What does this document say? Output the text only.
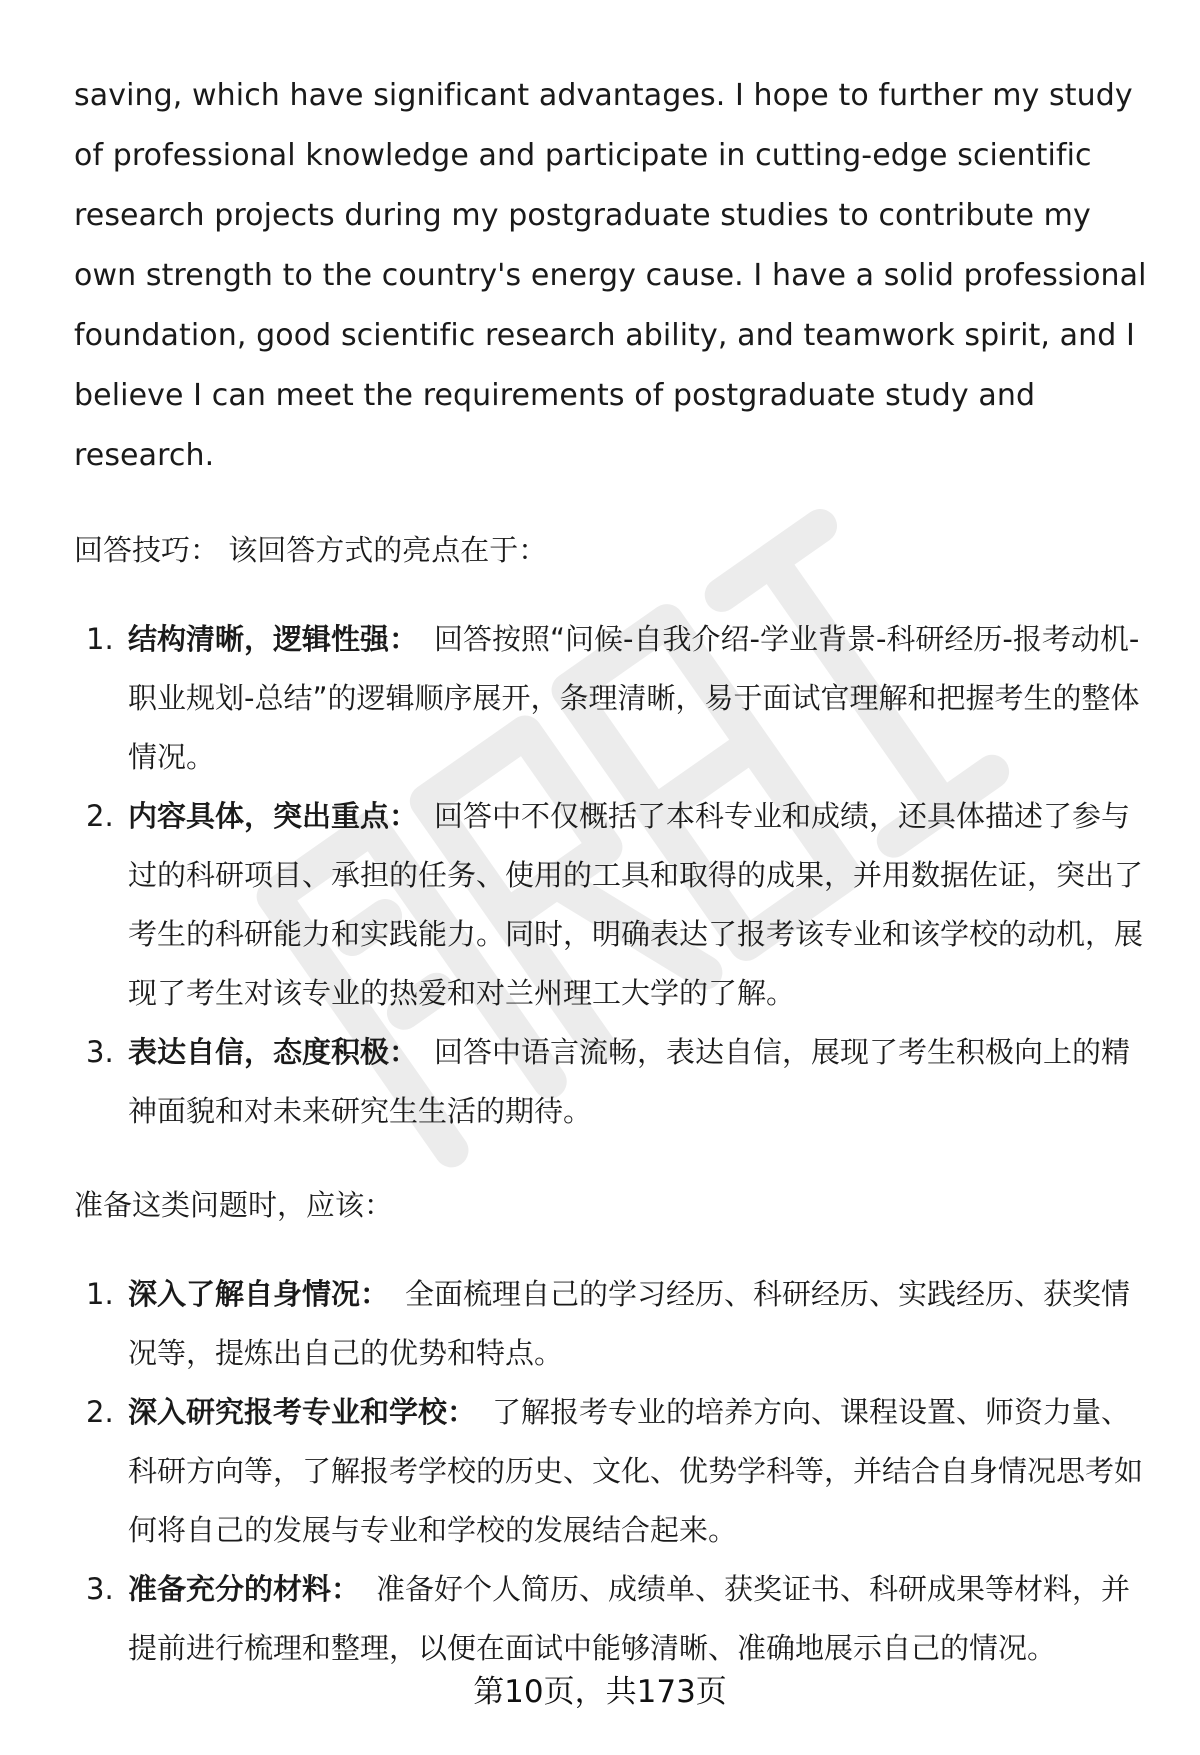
saving, which have significant advantages. I hope to further my study of professional knowledge and participate in cutting-edge scientific research projects during my postgraduate studies to contribute my own strength to the country's energy cause. I have a solid professional foundation, good scientific research ability, and teamwork spirit, and I believe I can meet the requirements of postgraduate study and research.

回答技巧： 该回答方式的亮点在于：

1. 结构清晰，逻辑性强： 回答按照“问候-自我介绍-学业背景-科研经历-报考动机-职业规划-总结”的逻辑顺序展开，条理清晰，易于面试官理解和把握考生的整体情况。
2. 内容具体，突出重点： 回答中不仅概括了本科专业和成绩，还具体描述了参与过的科研项目、承担的任务、使用的工具和取得的成果，并用数据佐证，突出了考生的科研能力和实践能力。同时，明确表达了报考该专业和该学校的动机，展现了考生对该专业的热爱和对兰州理工大学的了解。
3. 表达自信，态度积极： 回答中语言流畅，表达自信，展现了考生积极向上的精神面貌和对未来研究生生活的期待。

准备这类问题时，应该：

1. 深入了解自身情况： 全面梳理自己的学习经历、科研经历、实践经历、获奖情况等，提炼出自己的优势和特点。
2. 深入研究报考专业和学校： 了解报考专业的培养方向、课程设置、师资力量、科研方向等，了解报考学校的历史、文化、优势学科等，并结合自身情况思考如何将自己的发展与专业和学校的发展结合起来。
3. 准备充分的材料： 准备好个人简历、成绩单、获奖证书、科研成果等材料，并提前进行梳理和整理，以便在面试中能够清晰、准确地展示自己的情况。
第10页，共173页
